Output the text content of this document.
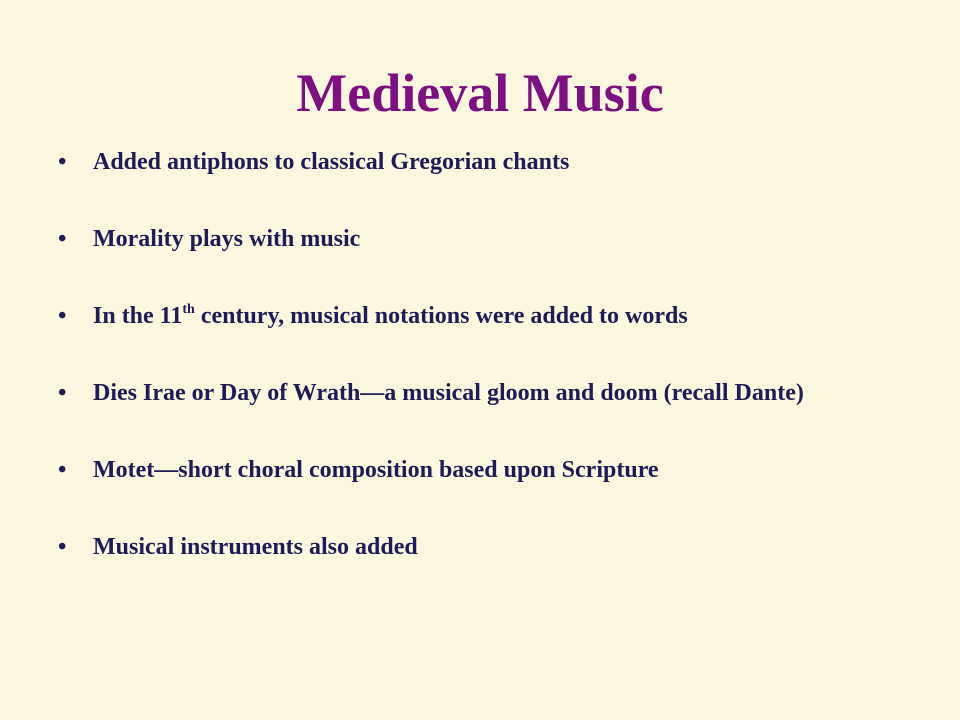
Medieval Music
• Added antiphons to classical Gregorian chants
• Morality plays with music
• In the 11th century, musical notations were added to words
• Dies Irae or Day of Wrath—a musical gloom and doom (recall Dante)
• Motet—short choral composition based upon Scripture
• Musical instruments also added
